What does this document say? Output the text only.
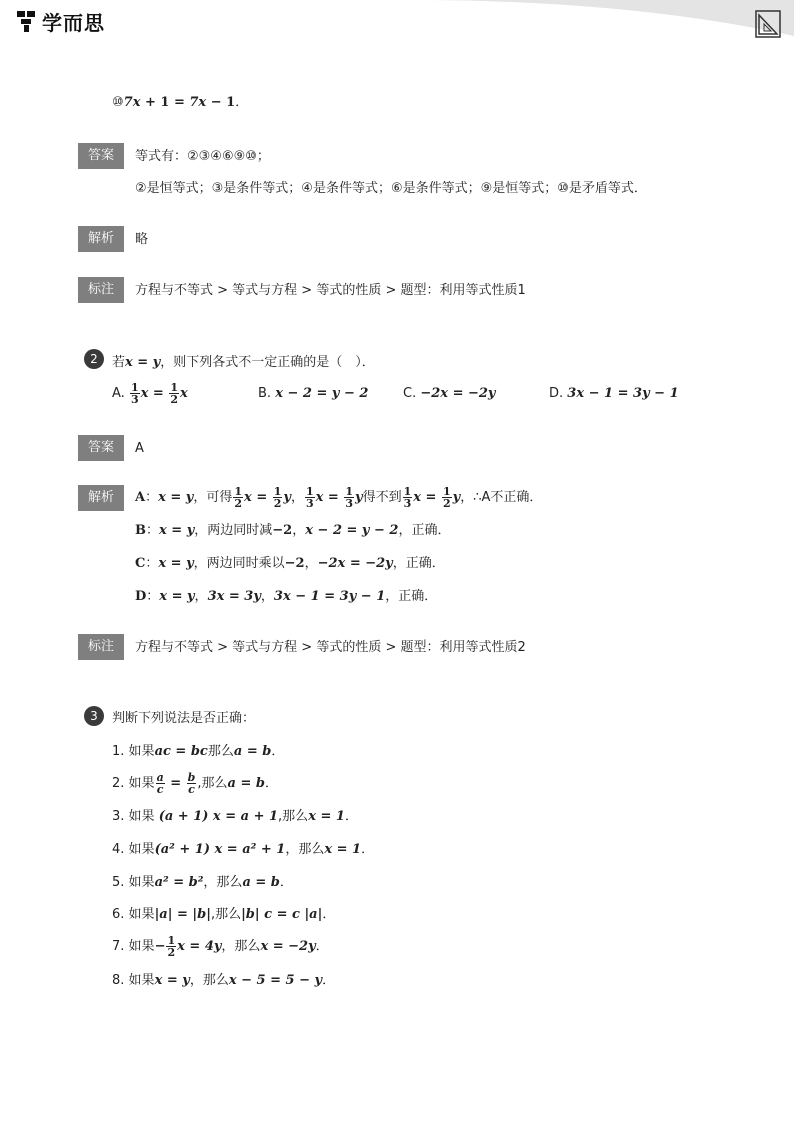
学而思
⑩7x + 1 = 7x − 1．
答案	等式有：②③④⑥⑨⑩；
②是恒等式；③是条件等式；④是条件等式；⑥是条件等式；⑨是恒等式；⑩是矛盾等式．
解析	略
标注	方程与不等式 > 等式与方程 > 等式的性质 > 题型：利用等式性质1
2	若x = y，则下列各式不一定正确的是（　）．
A. $\frac{1}{3}$ $x = \frac{1}{2}$ x	B. x − 2 = y − 2	C. −2x = −2y	D. 3x − 1 = 3y − 1
答案	A
解析	A：x = y，可得 $\frac{1}{2}$ $x = \frac{1}{2}$ y， $\frac{1}{3}$ $x = \frac{1}{3}$ y得不到 $\frac{1}{3}$ $x = \frac{1}{2}$ y，∴A不正确．
B：x = y，两边同时减−2，x − 2 = y − 2，正确．
C：x = y，两边同时乘以−2，−2x = −2y，正确．
D：x = y，3x = 3y，3x − 1 = 3y − 1，正确．
标注	方程与不等式 > 等式与方程 > 等式的性质 > 题型：利用等式性质2
3	判断下列说法是否正确：
1. 如果ac = bc那么a = b．
2. 如果 $\frac{a}{c} = \frac{b}{c}$ ,那么a = b．
3. 如果 (a + 1) x = a + 1,那么x = 1．
4. 如果(a² + 1) x = a² + 1，那么x = 1．
5. 如果a² = b²，那么a = b．
6. 如果|a| = |b|,那么|b| c = c |a|．
7. 如果− $\frac{1}{2}$ x = 4y，那么x = −2y．
8. 如果x = y，那么x − 5 = 5 − y．
